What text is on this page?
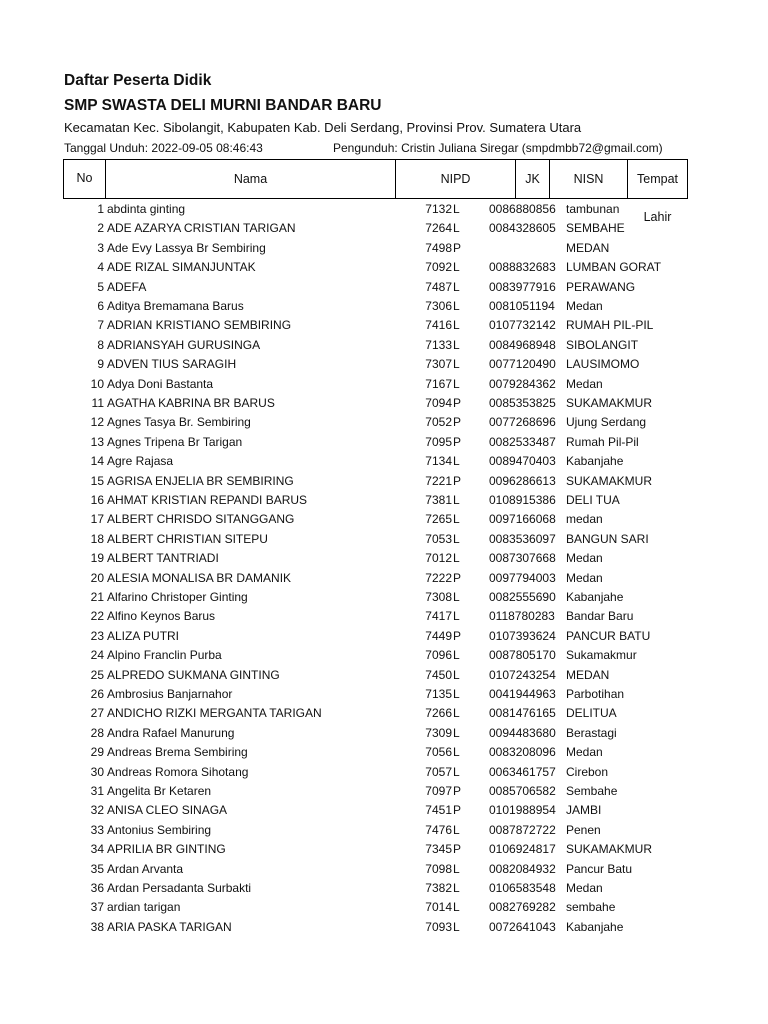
Daftar Peserta Didik
SMP SWASTA DELI MURNI BANDAR BARU
Kecamatan Kec. Sibolangit, Kabupaten Kab. Deli Serdang, Provinsi Prov. Sumatera Utara
Tanggal Unduh: 2022-09-05 08:46:43	Pengunduh: Cristin Juliana Siregar (smpdmbb72@gmail.com)
No	Nama	NIPD	JK	NISN	Tempat Lahir
1 abdinta ginting	7132 L 0086880856 tambunan
2 ADE AZARYA CRISTIAN TARIGAN	7264 L 0084328605 SEMBAHE
3 Ade Evy Lassya Br Sembiring	7498 P	MEDAN
4 ADE RIZAL SIMANJUNTAK	7092 L 0088832683 LUMBAN GORAT
5 ADEFA	7487 L 0083977916 PERAWANG
6 Aditya Bremamana Barus	7306 L 0081051194 Medan
7 ADRIAN KRISTIANO SEMBIRING	7416 L 0107732142 RUMAH PIL-PIL
8 ADRIANSYAH GURUSINGA	7133 L 0084968948 SIBOLANGIT
9 ADVEN TIUS SARAGIH	7307 L 0077120490 LAUSIMOMO
10 Adya Doni Bastanta	7167 L 0079284362 Medan
11 AGATHA KABRINA BR BARUS	7094 P 0085353825 SUKAMAKMUR
12 Agnes Tasya Br. Sembiring	7052 P 0077268696 Ujung Serdang
13 Agnes Tripena Br Tarigan	7095 P 0082533487 Rumah Pil-Pil
14 Agre Rajasa	7134 L 0089470403 Kabanjahe
15 AGRISA ENJELIA BR SEMBIRING	7221 P 0096286613 SUKAMAKMUR
16 AHMAT KRISTIAN REPANDI BARUS	7381 L 0108915386 DELI TUA
17 ALBERT CHRISDO SITANGGANG	7265 L 0097166068 medan
18 ALBERT CHRISTIAN SITEPU	7053 L 0083536097 BANGUN SARI
19 ALBERT TANTRIADI	7012 L 0087307668 Medan
20 ALESIA MONALISA BR DAMANIK	7222 P 0097794003 Medan
21 Alfarino Christoper Ginting	7308 L 0082555690 Kabanjahe
22 Alfino Keynos Barus	7417 L 0118780283 Bandar Baru
23 ALIZA PUTRI	7449 P 0107393624 PANCUR BATU
24 Alpino Franclin Purba	7096 L 0087805170 Sukamakmur
25 ALPREDO SUKMANA GINTING	7450 L 0107243254 MEDAN
26 Ambrosius Banjarnahor	7135 L 0041944963 Parbotihan
27 ANDICHO RIZKI MERGANTA TARIGAN	7266 L 0081476165 DELITUA
28 Andra Rafael Manurung	7309 L 0094483680 Berastagi
29 Andreas Brema Sembiring	7056 L 0083208096 Medan
30 Andreas Romora Sihotang	7057 L 0063461757 Cirebon
31 Angelita Br Ketaren	7097 P 0085706582 Sembahe
32 ANISA CLEO SINAGA	7451 P 0101988954 JAMBI
33 Antonius Sembiring	7476 L 0087872722 Penen
34 APRILIA BR GINTING	7345 P 0106924817 SUKAMAKMUR
35 Ardan Arvanta	7098 L 0082084932 Pancur Batu
36 Ardan Persadanta Surbakti	7382 L 0106583548 Medan
37 ardian tarigan	7014 L 0082769282 sembahe
38 ARIA PASKA TARIGAN	7093 L 0072641043 Kabanjahe
